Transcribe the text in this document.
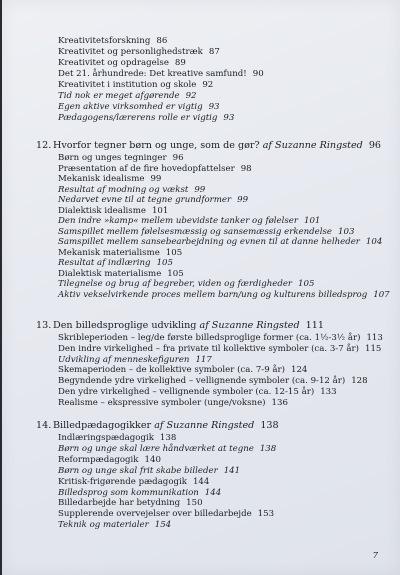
Kreativitetsforskning 86
Kreativitet og personlighedstræk 87
Kreativitet og opdragelse 89
Det 21. århundrede: Det kreative samfund! 90
Kreativitet i institution og skole 92
Tid nok er meget afgørende 92
Egen aktive virksomhed er vigtig 93
Pædagogens/lærerens rolle er vigtig 93
12. Hvorfor tegner børn og unge, som de gør? af Suzanne Ringsted 96
Børn og unges tegninger 96
Præsentation af de fire hovedopfattelser 98
Mekanisk idealisme 99
Resultat af modning og vækst 99
Nedarvet evne til at tegne grundformer 99
Dialektisk idealisme 101
Den indre »kamp« mellem ubevidste tanker og følelser 101
Samspillet mellem følelsesmæssig og sansemæssig erkendelse 103
Samspillet mellem sansebearbejdning og evnen til at danne helheder 104
Mekanisk materialisme 105
Resultat af indlæring 105
Dialektisk materialisme 105
Tilegnelse og brug af begreber, viden og færdigheder 105
Aktiv vekselvirkende proces mellem barn/ung og kulturens billedsprog 107
13. Den billedsproglige udvikling af Suzanne Ringsted 111
Skribleperioden – leg/de første billedsproglige former (ca. 1½-3½ år) 113
Den indre virkelighed – fra private til kollektive symboler (ca. 3-7 år) 115
Udvikling af menneskefiguren 117
Skemaperioden – de kollektive symboler (ca. 7-9 år) 124
Begyndende ydre virkelighed – vellignende symboler (ca. 9-12 år) 128
Den ydre virkelighed – vellignende symboler (ca. 12-15 år) 133
Realisme – ekspressive symboler (unge/voksne) 136
14. Billedpædagogikker af Suzanne Ringsted 138
Indlæringspædagogik 138
Børn og unge skal lære håndværket at tegne 138
Reformpædagogik 140
Børn og unge skal frit skabe billeder 141
Kritisk-frigørende pædagogik 144
Billedsprog som kommunikation 144
Billedarbejde har betydning 150
Supplerende overvejelser over billedarbejde 153
Teknik og materialer 154
7
